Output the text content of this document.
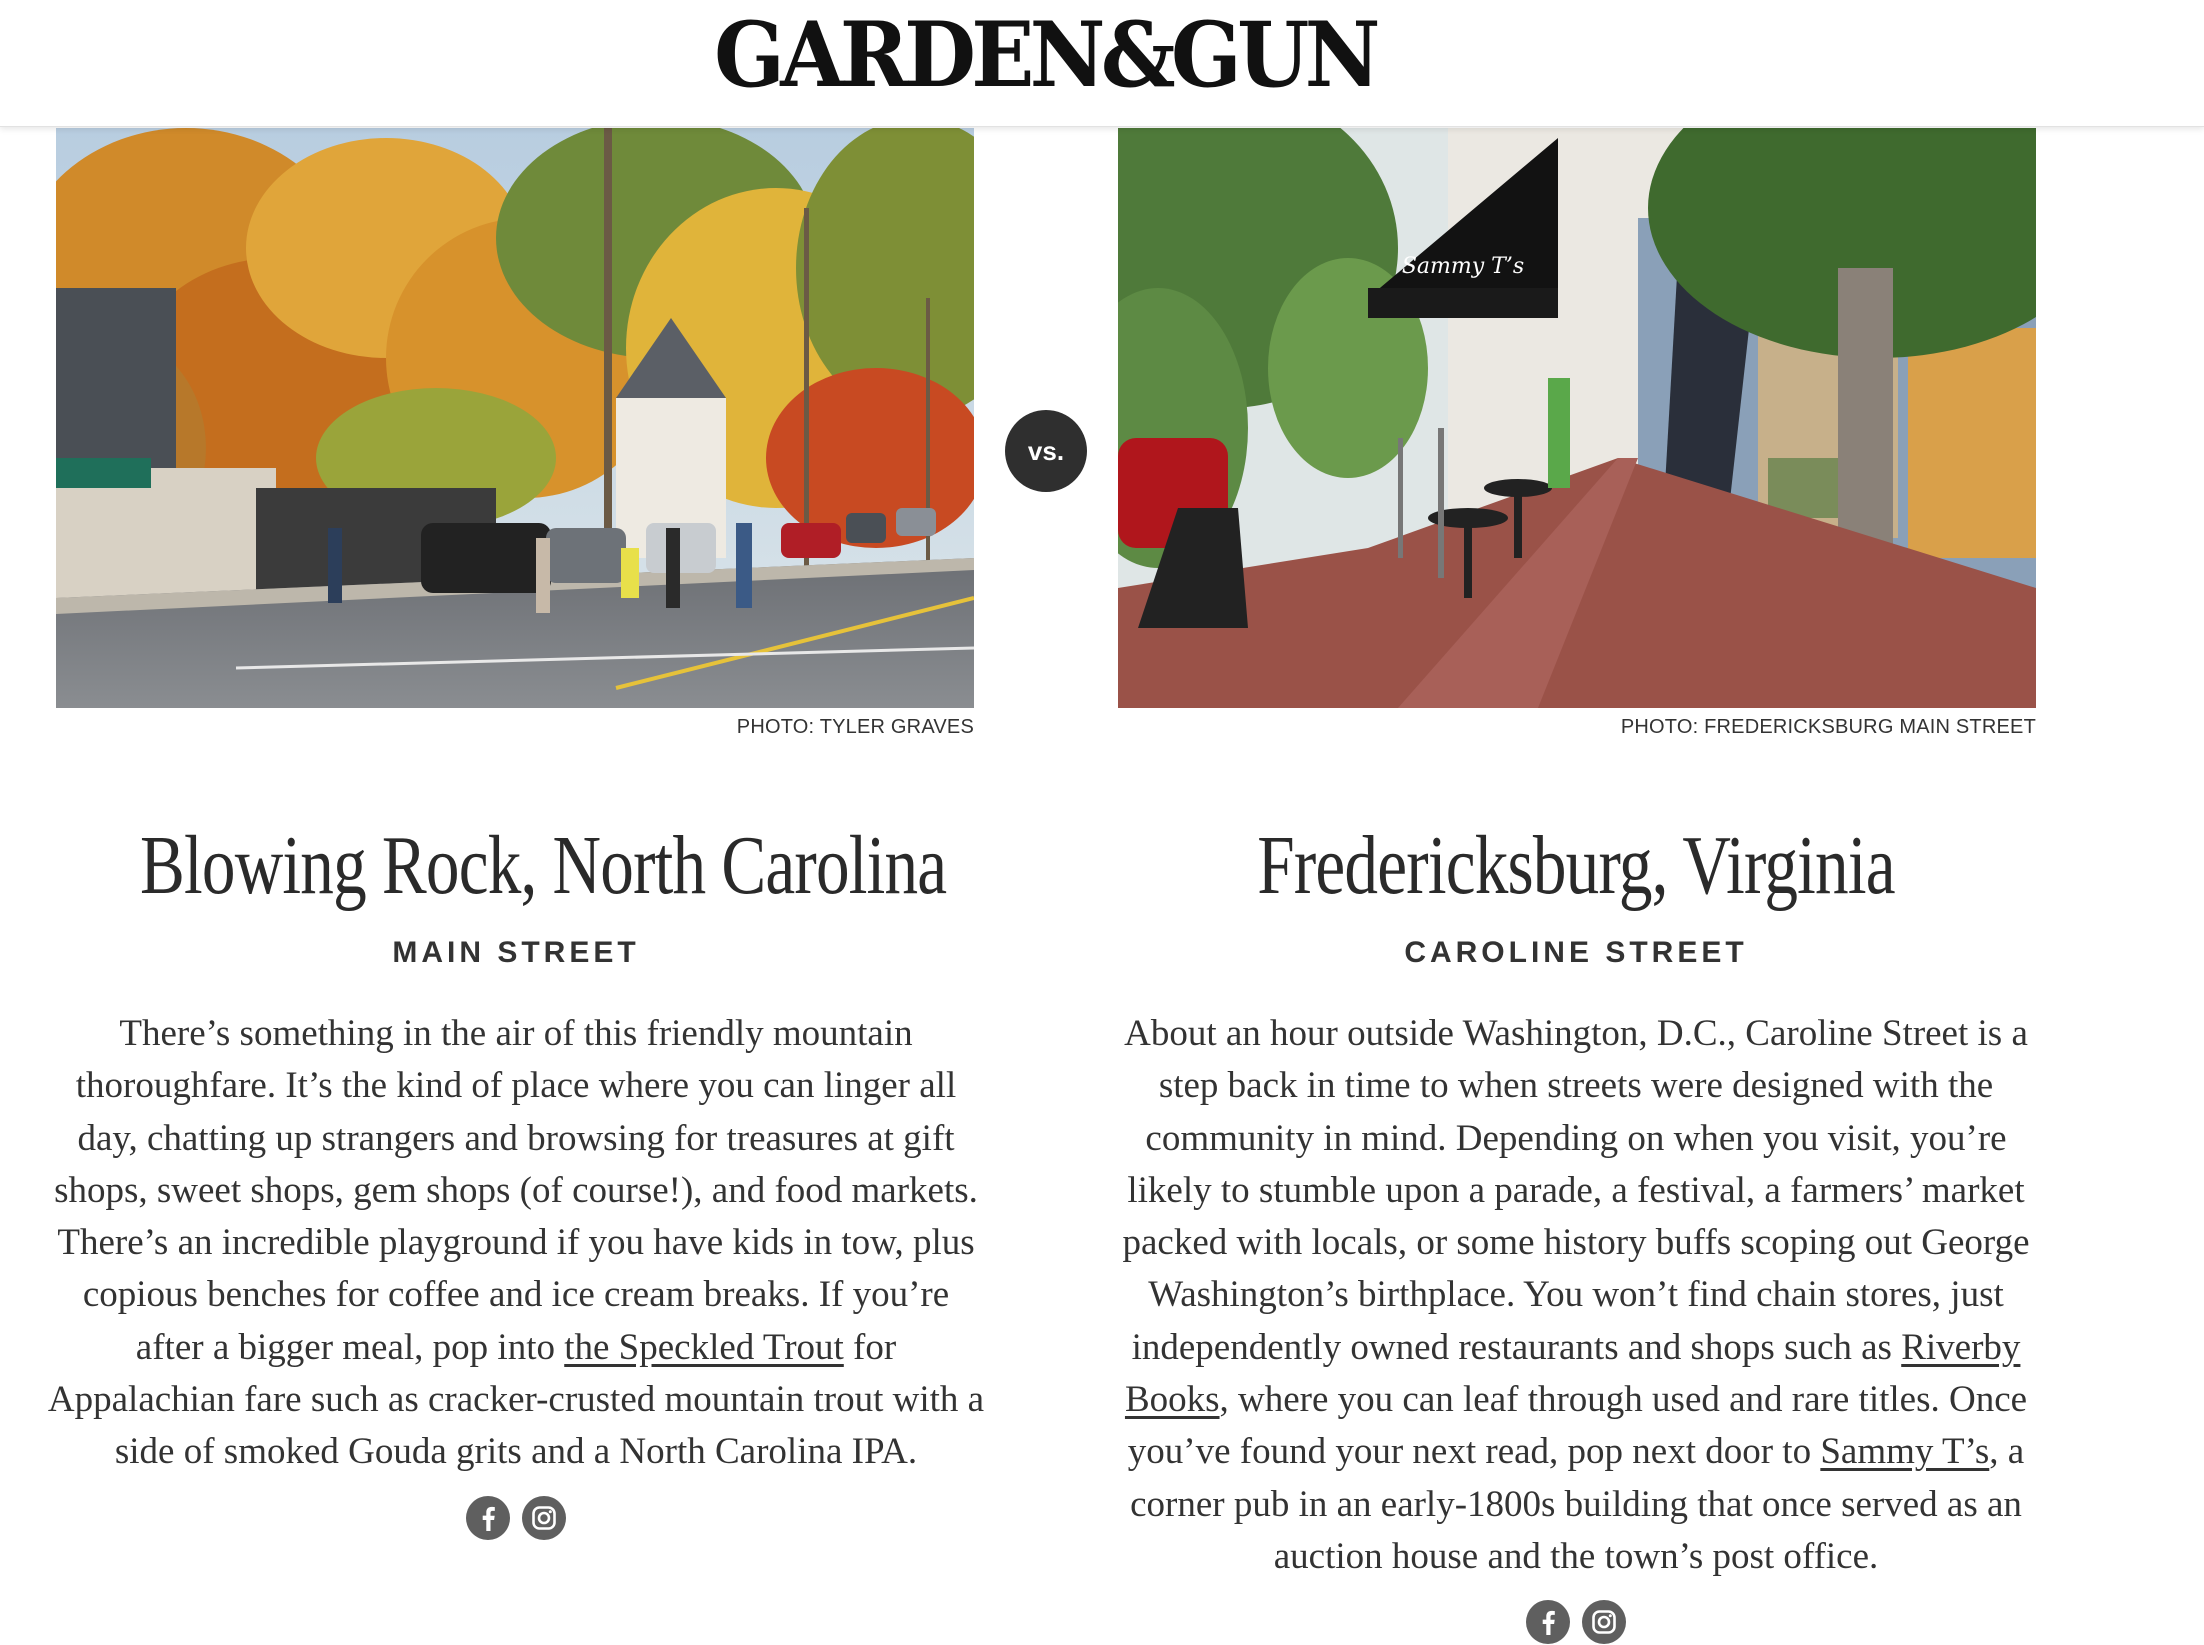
GARDEN&GUN
PHOTO: TYLER GRAVES
vs.
Sammy T’s
PHOTO: FREDERICKSBURG MAIN STREET
Blowing Rock, North Carolina
MAIN STREET

There’s something in the air of this friendly mountain thoroughfare. It’s the kind of place where you can linger all day, chatting up strangers and browsing for treasures at gift shops, sweet shops, gem shops (of course!), and food markets. There’s an incredible playground if you have kids in tow, plus copious benches for coffee and ice cream breaks. If you’re after a bigger meal, pop into the Speckled Trout for Appalachian fare such as cracker-crusted mountain trout with a side of smoked Gouda grits and a North Carolina IPA.

Fredericksburg, Virginia
CAROLINE STREET

About an hour outside Washington, D.C., Caroline Street is a step back in time to when streets were designed with the community in mind. Depending on when you visit, you’re likely to stumble upon a parade, a festival, a farmers’ market packed with locals, or some history buffs scoping out George Washington’s birthplace. You won’t find chain stores, just independently owned restaurants and shops such as Riverby Books, where you can leaf through used and rare titles. Once you’ve found your next read, pop next door to Sammy T’s, a corner pub in an early-1800s building that once served as an auction house and the town’s post office.
